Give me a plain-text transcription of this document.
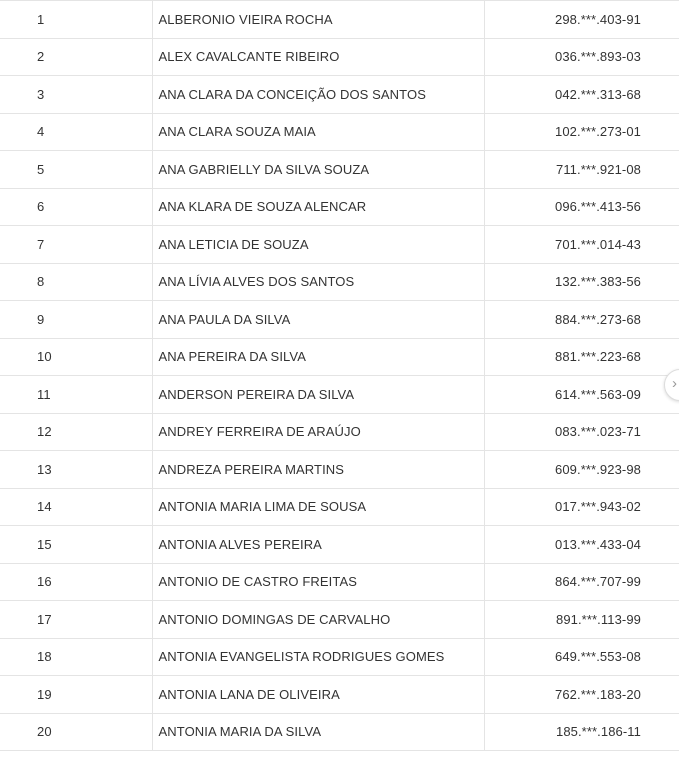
1	ALBERONIO VIEIRA ROCHA	298.***.403-91
2	ALEX CAVALCANTE RIBEIRO	036.***.893-03
3	ANA CLARA DA CONCEIÇÃO DOS SANTOS	042.***.313-68
4	ANA CLARA SOUZA MAIA	102.***.273-01
5	ANA GABRIELLY DA SILVA SOUZA	711.***.921-08
6	ANA KLARA DE SOUZA ALENCAR	096.***.413-56
7	ANA LETICIA DE SOUZA	701.***.014-43
8	ANA LÍVIA ALVES DOS SANTOS	132.***.383-56
9	ANA PAULA DA SILVA	884.***.273-68
10	ANA PEREIRA DA SILVA	881.***.223-68
11	ANDERSON PEREIRA DA SILVA	614.***.563-09
12	ANDREY FERREIRA DE ARAÚJO	083.***.023-71
13	ANDREZA PEREIRA MARTINS	609.***.923-98
14	ANTONIA MARIA LIMA DE SOUSA	017.***.943-02
15	ANTONIA ALVES PEREIRA	013.***.433-04
16	ANTONIO DE CASTRO FREITAS	864.***.707-99
17	ANTONIO DOMINGAS DE CARVALHO	891.***.113-99
18	ANTONIA EVANGELISTA RODRIGUES GOMES	649.***.553-08
19	ANTONIA LANA DE OLIVEIRA	762.***.183-20
20	ANTONIA MARIA DA SILVA	185.***.186-11
›
